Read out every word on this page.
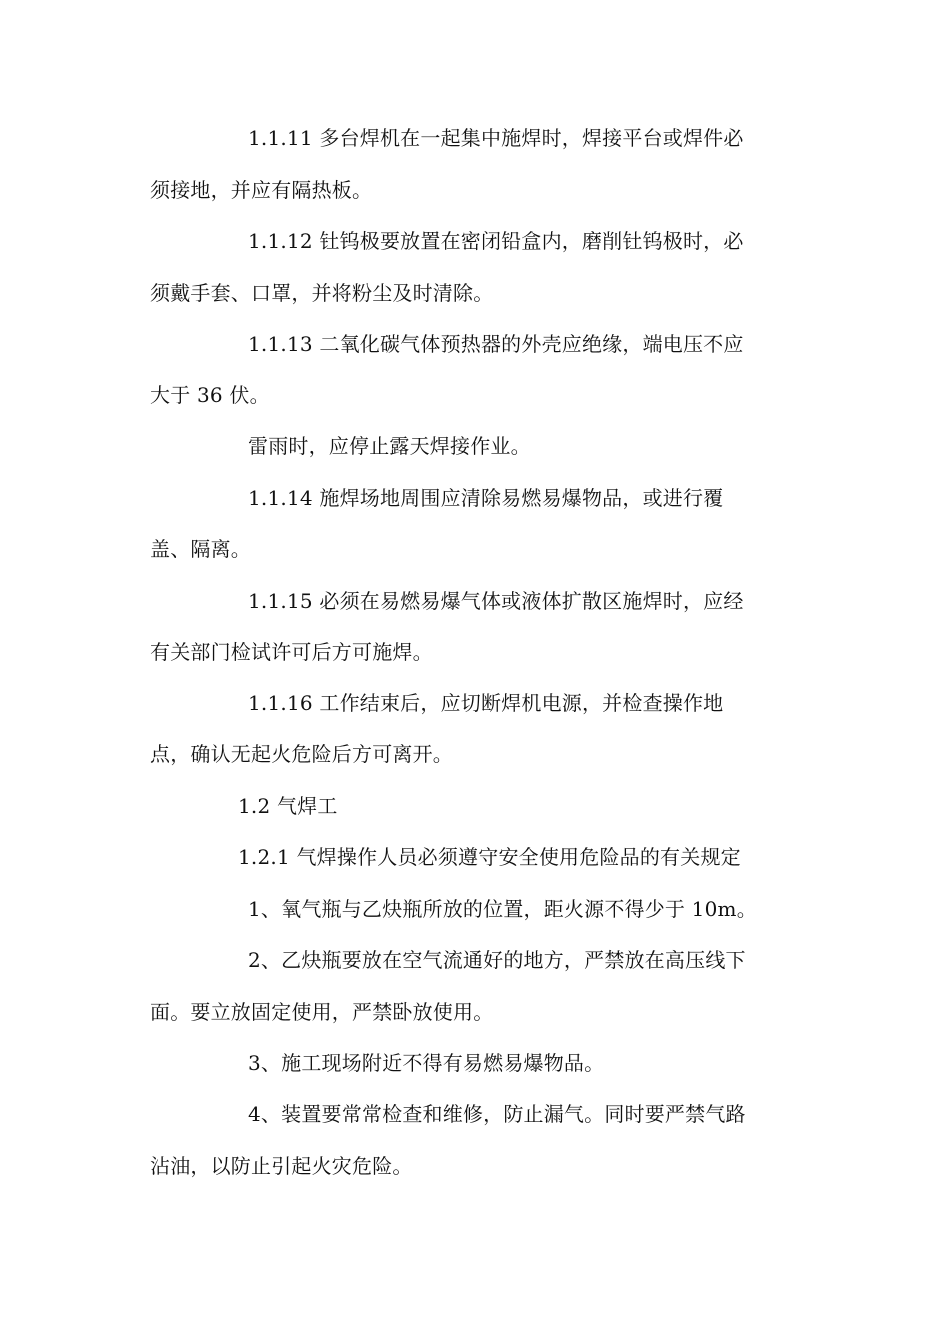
1.1.11 多台焊机在一起集中施焊时，焊接平台或焊件必
须接地，并应有隔热板。
1.1.12 钍钨极要放置在密闭铅盒内，磨削钍钨极时，必
须戴手套、口罩，并将粉尘及时清除。
1.1.13 二氧化碳气体预热器的外壳应绝缘，端电压不应
大于 36 伏。
雷雨时，应停止露天焊接作业。
1.1.14 施焊场地周围应清除易燃易爆物品，或进行覆
盖、隔离。
1.1.15 必须在易燃易爆气体或液体扩散区施焊时，应经
有关部门检试许可后方可施焊。
1.1.16 工作结束后，应切断焊机电源，并检查操作地
点，确认无起火危险后方可离开。
1.2 气焊工
1.2.1 气焊操作人员必须遵守安全使用危险品的有关规定
1、氧气瓶与乙炔瓶所放的位置，距火源不得少于 10m。
2、乙炔瓶要放在空气流通好的地方，严禁放在高压线下
面。要立放固定使用，严禁卧放使用。
3、施工现场附近不得有易燃易爆物品。
4、装置要常常检查和维修，防止漏气。同时要严禁气路
沾油，以防止引起火灾危险。
